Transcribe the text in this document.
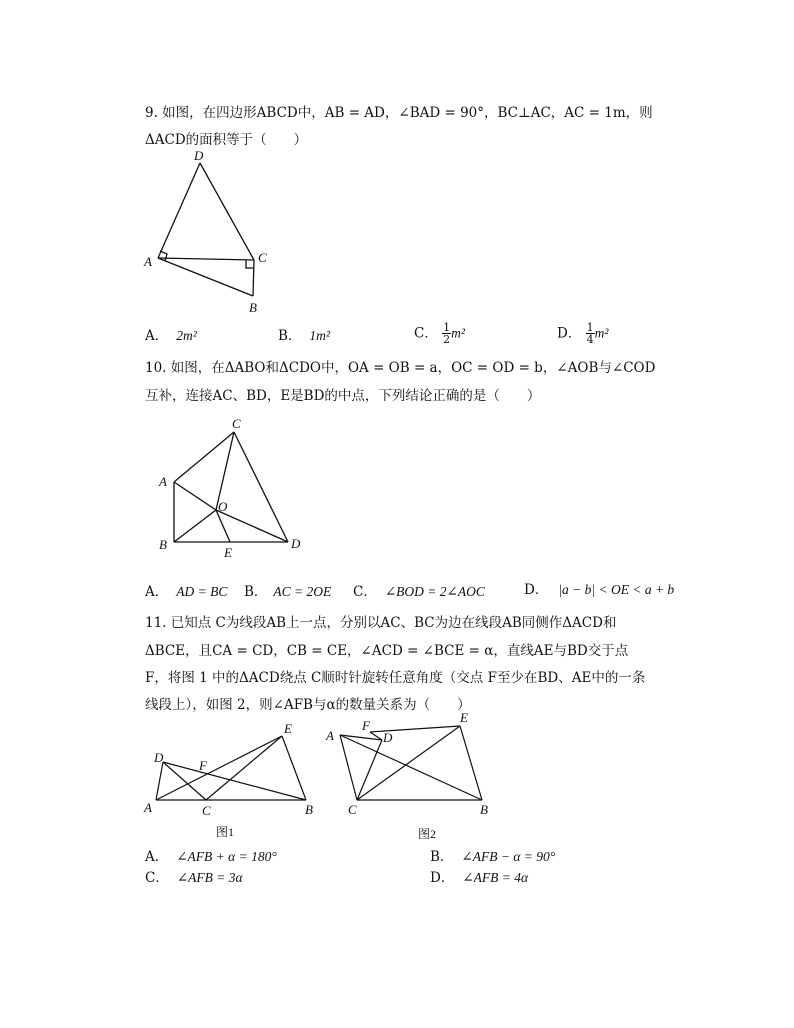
9. 如图，在四边形ABCD中，AB = AD，∠BAD = 90°，BC⊥AC，AC = 1m，则
ΔACD的面积等于（　　）
D
A	C
B
A． 2m²	B． 1m²	C． $\frac{1}{2} m^2$	D． $\frac{1}{4} m^2$
10. 如图，在ΔABO和ΔCDO中，OA = OB = a，OC = OD = b，∠AOB与∠COD
互补，连接AC、BD，E是BD的中点，下列结论正确的是（　　）
C
A
O
B	D
E
A． AD = BC B． AC = 2OE C． ∠BOD = 2∠AOC	D． |a − b| < OE < a + b
11. 已知点 C为线段AB上一点，分别以AC、BC为边在线段AB同侧作ΔACD和
ΔBCE，且CA = CD，CB = CE，∠ACD = ∠BCE = α，直线AE与BD交于点
F，将图 1 中的ΔACD绕点 C顺时针旋转任意角度（交点 F至少在BD、AE中的一条
线段上），如图 2，则∠AFB与α的数量关系为（　　）
D
F
E
A	C	B
图1
A
F
D
E
C	B
图2
A． ∠AFB + α = 180°	B． ∠AFB − α = 90°
C． ∠AFB = 3α	D． ∠AFB = 4α
